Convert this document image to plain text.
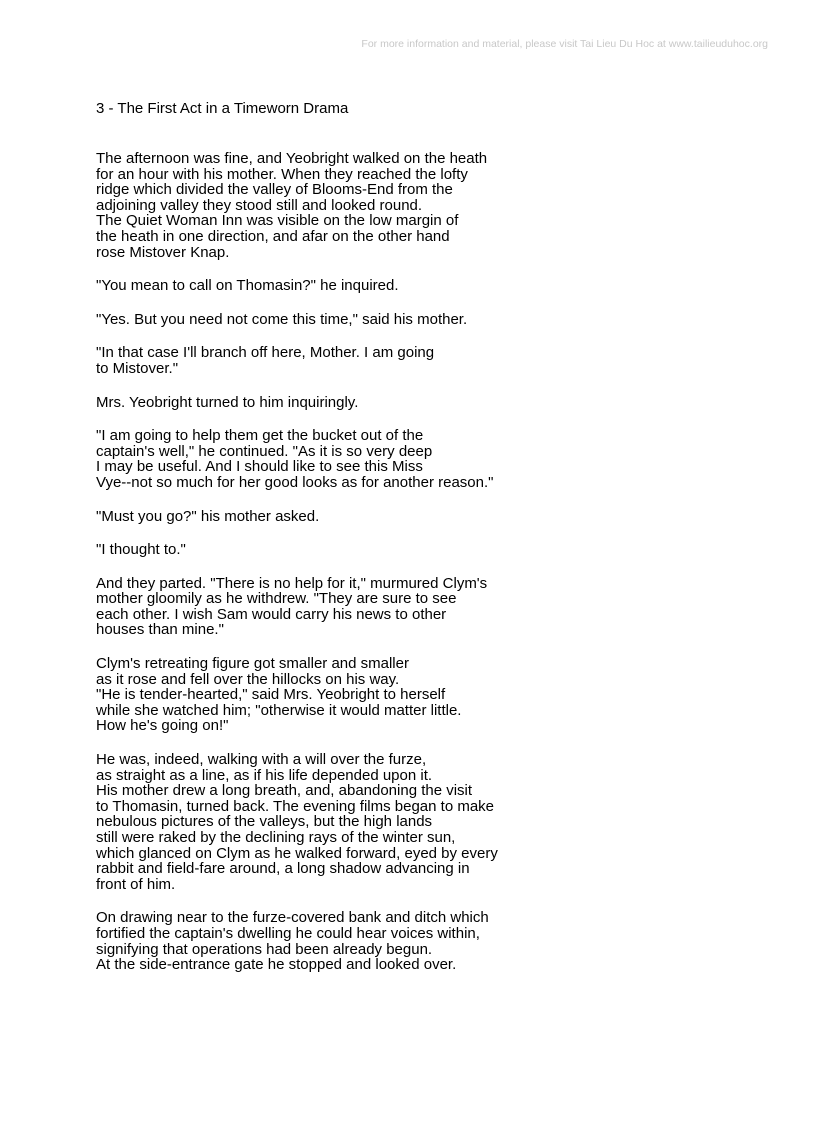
For more information and material, please visit Tai Lieu Du Hoc at www.tailieuduhoc.org
3 - The First Act in a Timeworn Drama
The afternoon was fine, and Yeobright walked on the heath
for an hour with his mother. When they reached the lofty
ridge which divided the valley of Blooms-End from the
adjoining valley they stood still and looked round.
The Quiet Woman Inn was visible on the low margin of
the heath in one direction, and afar on the other hand
rose Mistover Knap.
"You mean to call on Thomasin?" he inquired.
"Yes. But you need not come this time," said his mother.
"In that case I'll branch off here, Mother. I am going
to Mistover."
Mrs. Yeobright turned to him inquiringly.
"I am going to help them get the bucket out of the
captain's well," he continued. "As it is so very deep
I may be useful. And I should like to see this Miss
Vye--not so much for her good looks as for another reason."
"Must you go?" his mother asked.
"I thought to."
And they parted. "There is no help for it," murmured Clym's
mother gloomily as he withdrew. "They are sure to see
each other. I wish Sam would carry his news to other
houses than mine."
Clym's retreating figure got smaller and smaller
as it rose and fell over the hillocks on his way.
"He is tender-hearted," said Mrs. Yeobright to herself
while she watched him; "otherwise it would matter little.
How he's going on!"
He was, indeed, walking with a will over the furze,
as straight as a line, as if his life depended upon it.
His mother drew a long breath, and, abandoning the visit
to Thomasin, turned back. The evening films began to make
nebulous pictures of the valleys, but the high lands
still were raked by the declining rays of the winter sun,
which glanced on Clym as he walked forward, eyed by every
rabbit and field-fare around, a long shadow advancing in
front of him.
On drawing near to the furze-covered bank and ditch which
fortified the captain's dwelling he could hear voices within,
signifying that operations had been already begun.
At the side-entrance gate he stopped and looked over.
